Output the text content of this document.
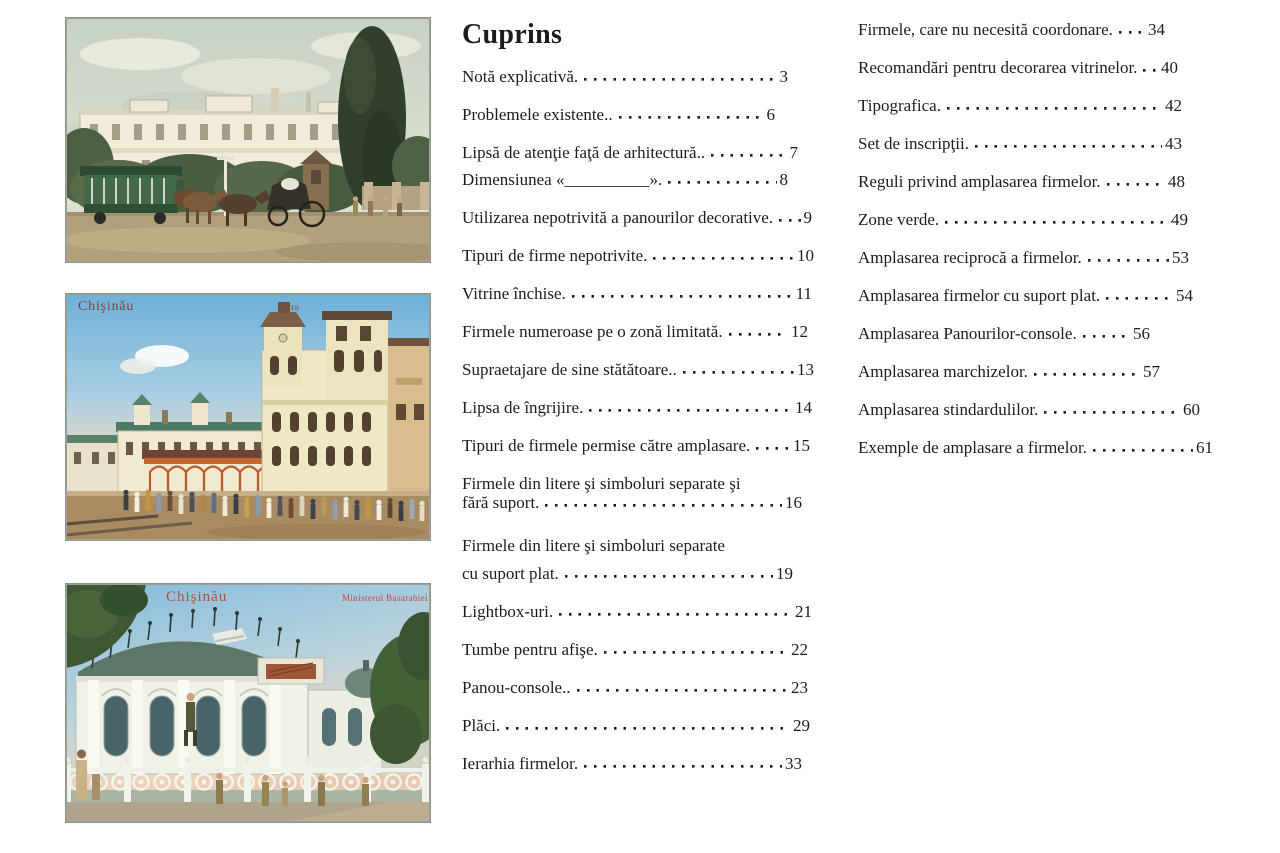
Chişinău	Gara
Chişinău	Ministerul Basarabiei
Cuprins
Notă explicativă.	3
Problemele existente..	6
Lipsă de atenţie faţă de arhitectură..	7
Dimensiunea «__________».	8
Utilizarea nepotrivită a panourilor decorative. 9
Tipuri de firme nepotrivite.	10
Vitrine închise.	11
Firmele numeroase pe o zonă limitată.	12
Supraetajare de sine stătătoare..	13
Lipsa de îngrijire.	14
Tipuri de firmele permise către amplasare.	15
Firmele din litere şi simboluri separate şi
fără suport.	16
Firmele din litere şi simboluri separate
cu suport plat.	19
Lightbox-uri.	21
Tumbe pentru afişe.	22
Panou-console..	23
Plăci.	29
Ierarhia firmelor.	33
Firmele, care nu necesită coordonare. 34
Recomandări pentru decorarea vitrinelor. 40
Tipografica.	42
Set de inscripţii.	43
Reguli privind amplasarea firmelor.	48
Zone verde.	49
Amplasarea reciprocă a firmelor.	53
Amplasarea firmelor cu suport plat.	54
Amplasarea Panourilor-console.	56
Amplasarea marchizelor.	57
Amplasarea stindardulilor.	60
Exemple de amplasare a firmelor.	61
